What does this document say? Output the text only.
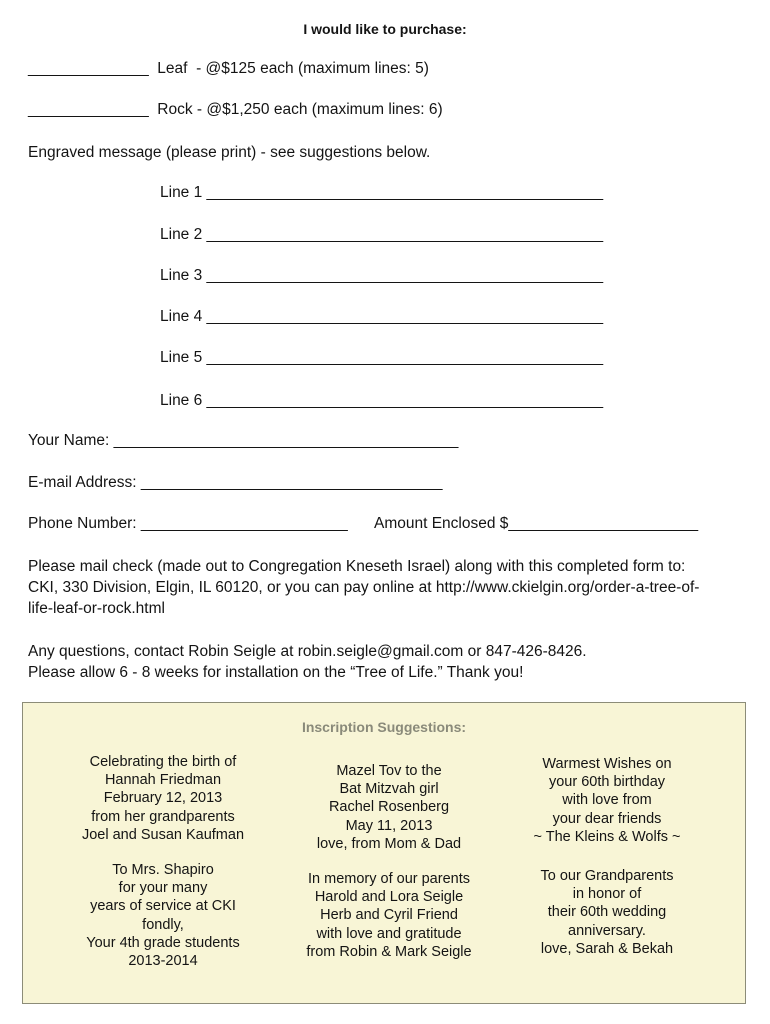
I would like to purchase:
______________  Leaf  - @$125 each (maximum lines: 5)
______________  Rock - @$1,250 each (maximum lines: 6)
Engraved message (please print) - see suggestions below.
Line 1 ______________________________________________
Line 2 ______________________________________________
Line 3 ______________________________________________
Line 4 ______________________________________________
Line 5 ______________________________________________
Line 6 ______________________________________________
Your Name: ________________________________________
E-mail Address: ___________________________________
Phone Number: ________________________ Amount Enclosed $______________________
Please mail check (made out to Congregation Kneseth Israel) along with this completed form to:
CKI, 330 Division, Elgin, IL 60120, or you can pay online at http://www.ckielgin.org/order-a-tree-of-
life-leaf-or-rock.html
Any questions, contact Robin Seigle at robin.seigle@gmail.com or 847-426-8426.
Please allow 6 - 8 weeks for installation on the “Tree of Life.” Thank you!
Inscription Suggestions:
Celebrating the birth of
Hannah Friedman
February 12, 2013
from her grandparents
Joel and Susan Kaufman
To Mrs. Shapiro
for your many
years of service at CKI
fondly,
Your 4th grade students
2013-2014
Mazel Tov to the
Bat Mitzvah girl
Rachel Rosenberg
May 11, 2013
love, from Mom & Dad
In memory of our parents
Harold and Lora Seigle
Herb and Cyril Friend
with love and gratitude
from Robin & Mark Seigle
Warmest Wishes on
your 60th birthday
with love from
your dear friends
~ The Kleins & Wolfs ~
To our Grandparents
in honor of
their 60th wedding
anniversary.
love, Sarah & Bekah
